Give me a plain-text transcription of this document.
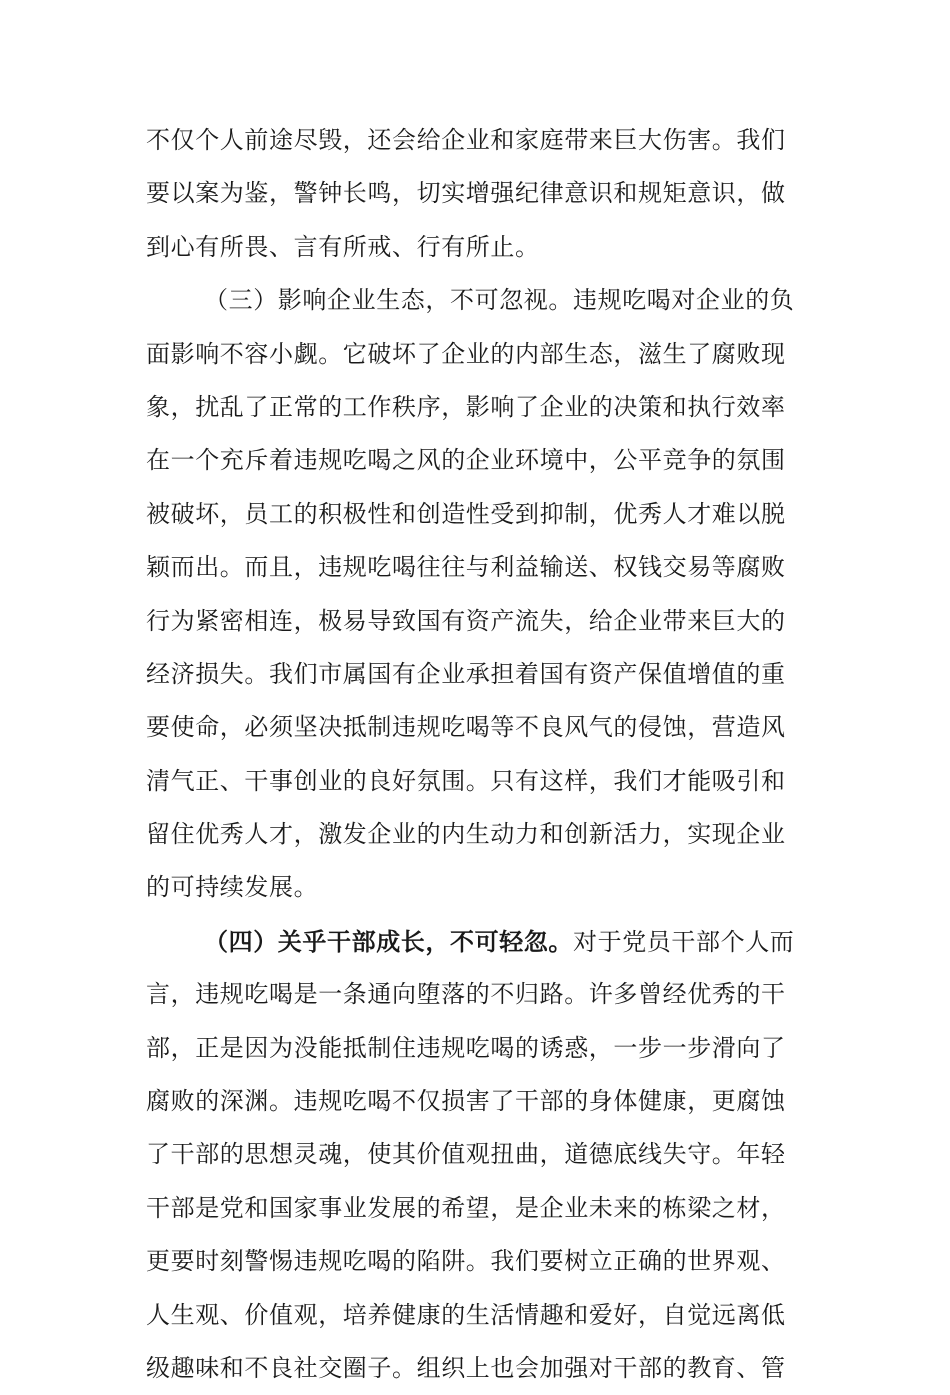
不仅个人前途尽毁，还会给企业和家庭带来巨大伤害。我们
要以案为鉴，警钟长鸣，切实增强纪律意识和规矩意识，做
到心有所畏、言有所戒、行有所止。
（三）影响企业生态，不可忽视。违规吃喝对企业的负
面影响不容小觑。它破坏了企业的内部生态，滋生了腐败现
象，扰乱了正常的工作秩序，影响了企业的决策和执行效率
在一个充斥着违规吃喝之风的企业环境中，公平竞争的氛围
被破坏，员工的积极性和创造性受到抑制，优秀人才难以脱
颖而出。而且，违规吃喝往往与利益输送、权钱交易等腐败
行为紧密相连，极易导致国有资产流失，给企业带来巨大的
经济损失。我们市属国有企业承担着国有资产保值增值的重
要使命，必须坚决抵制违规吃喝等不良风气的侵蚀，营造风
清气正、干事创业的良好氛围。只有这样，我们才能吸引和
留住优秀人才，激发企业的内生动力和创新活力，实现企业
的可持续发展。
（四）关乎干部成长，不可轻忽。对于党员干部个人而
言，违规吃喝是一条通向堕落的不归路。许多曾经优秀的干
部，正是因为没能抵制住违规吃喝的诱惑，一步一步滑向了
腐败的深渊。违规吃喝不仅损害了干部的身体健康，更腐蚀
了干部的思想灵魂，使其价值观扭曲，道德底线失守。年轻
干部是党和国家事业发展的希望，是企业未来的栋梁之材，
更要时刻警惕违规吃喝的陷阱。我们要树立正确的世界观、
人生观、价值观，培养健康的生活情趣和爱好，自觉远离低
级趣味和不良社交圈子。组织上也会加强对干部的教育、管
